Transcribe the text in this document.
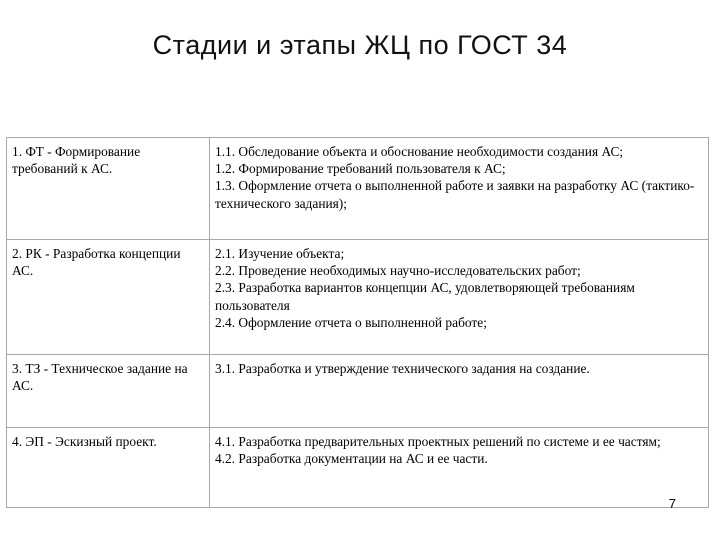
Стадии и этапы ЖЦ по ГОСТ 34
1. ФТ - Формирование требований к АС.	1.1. Обследование объекта и обоснование необходимости создания АС;
1.2. Формирование требований пользователя к АС;
1.3. Оформление отчета о выполненной работе и заявки на разработку АС (тактико-технического задания);

2. РК - Разработка концепции АС.	2.1. Изучение объекта;
2.2. Проведение необходимых научно-исследовательских работ;
2.3. Разработка вариантов концепции АС, удовлетворяющей требованиям пользователя
2.4. Оформление отчета о выполненной работе;

3. ТЗ - Техническое задание на АС.	3.1. Разработка и утверждение технического задания на создание.

4. ЭП - Эскизный проект.	4.1. Разработка предварительных проектных решений по системе и ее частям;
4.2. Разработка документации на АС и ее части.
7
